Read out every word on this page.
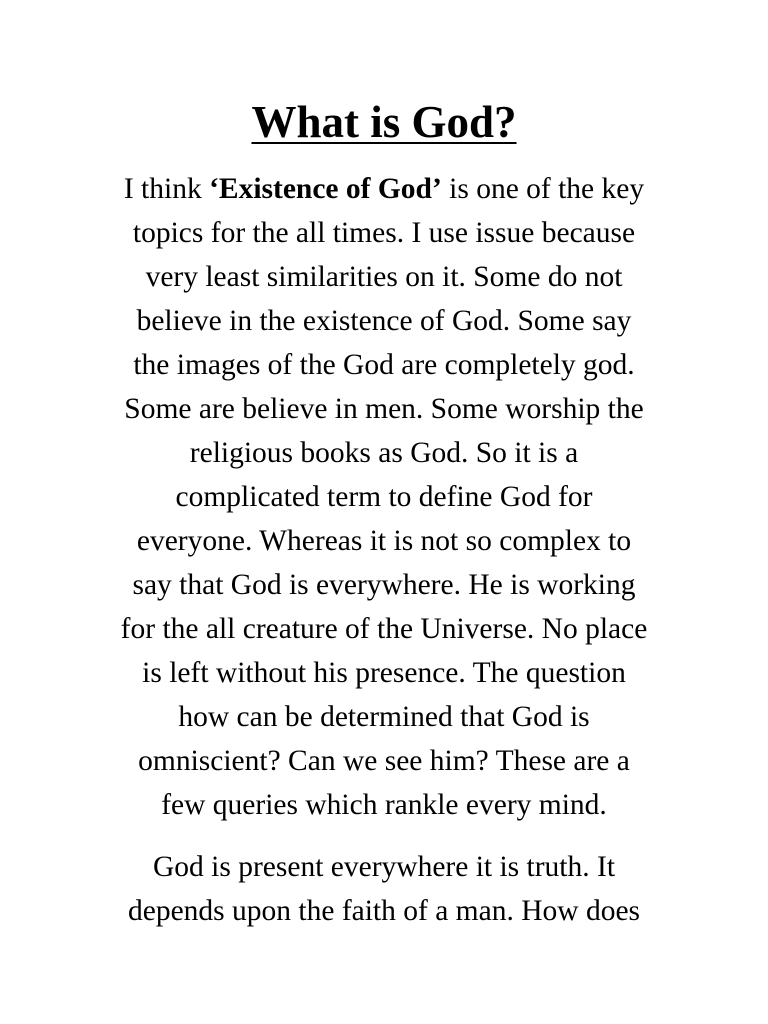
What is God?

I think ‘Existence of God’ is one of the key
topics for the all times. I use issue because
very least similarities on it. Some do not
believe in the existence of God. Some say
the images of the God are completely god.
Some are believe in men. Some worship the
religious books as God. So it is a
complicated term to define God for
everyone. Whereas it is not so complex to
say that God is everywhere. He is working
for the all creature of the Universe. No place
is left without his presence. The question
how can be determined that God is
omniscient? Can we see him? These are a
few queries which rankle every mind.

God is present everywhere it is truth. It
depends upon the faith of a man. How does
